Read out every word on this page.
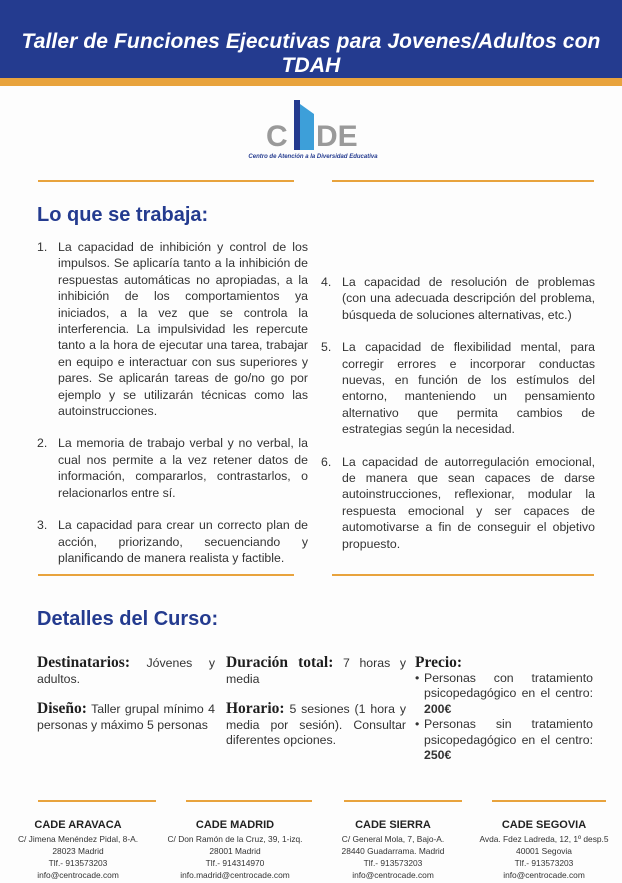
Taller de Funciones Ejecutivas para Jovenes/Adultos con TDAH
C DE
Centro de Atención a la Diversidad Educativa
Lo que se trabaja:
1. La capacidad de inhibición y control de los impulsos. Se aplicaría tanto a la inhibición de respuestas automáticas no apropiadas, a la inhibición de los comportamientos ya iniciados, a la vez que se controla la interferencia. La impulsividad les repercute tanto a la hora de ejecutar una tarea, trabajar en equipo e interactuar con sus superiores y pares. Se aplicarán tareas de go/no go por ejemplo y se utilizarán técnicas como las autoinstrucciones.
2. La memoria de trabajo verbal y no verbal, la cual nos permite a la vez retener datos de información, compararlos, contrastarlos, o relacionarlos entre sí.
3. La capacidad para crear un correcto plan de acción, priorizando, secuenciando y planificando de manera realista y factible.
4. La capacidad de resolución de problemas (con una adecuada descripción del problema, búsqueda de soluciones alternativas, etc.)
5. La capacidad de flexibilidad mental, para corregir errores e incorporar conductas nuevas, en función de los estímulos del entorno, manteniendo un pensamiento alternativo que permita cambios de estrategias según la necesidad.
6. La capacidad de autorregulación emocional, de manera que sean capaces de darse autoinstrucciones, reflexionar, modular la respuesta emocional y ser capaces de automotivarse a fin de conseguir el objetivo propuesto.
Detalles del Curso:

Destinatarios: Jóvenes y adultos.

Diseño: Taller grupal mínimo 4 personas y máximo 5 personas

Duración total: 7 horas y media

Horario: 5 sesiones (1 hora y media por sesión). Consultar diferentes opciones.

Precio:

• Personas con tratamiento psicopedagógico en el centro: 200€
• Personas sin tratamiento psicopedagógico en el centro: 250€
CADE ARAVACA
C/ Jimena Menéndez Pidal, 8-A.
28023 Madrid
Tlf.- 913573203
info@centrocade.com
CADE MADRID
C/ Don Ramón de la Cruz, 39, 1-izq.
28001 Madrid
Tlf.- 914314970
info.madrid@centrocade.com
CADE SIERRA
C/ General Mola, 7, Bajo-A.
28440 Guadarrama. Madrid
Tlf.- 913573203
info@centrocade.com
CADE SEGOVIA
Avda. Fdez Ladreda, 12, 1º desp.5
40001 Segovia
Tlf.- 913573203
info@centrocade.com
